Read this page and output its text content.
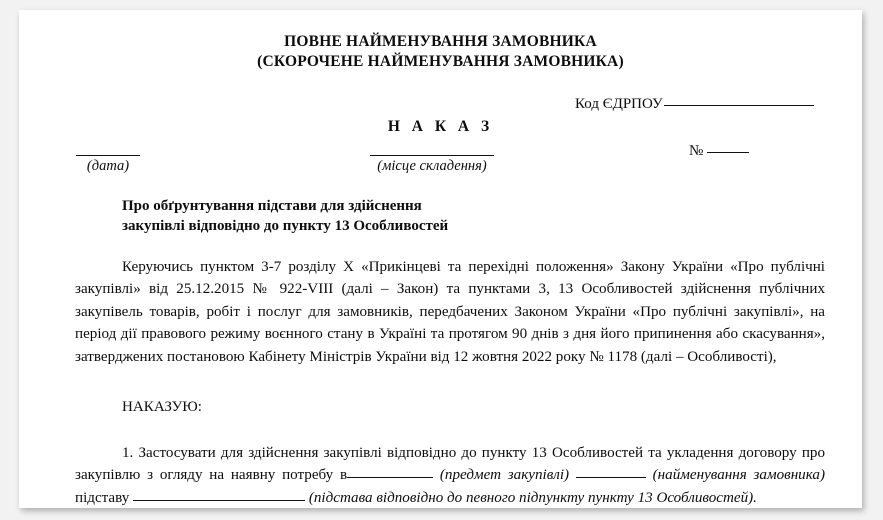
ПОВНЕ НАЙМЕНУВАННЯ ЗАМОВНИКА
(СКОРОЧЕНЕ НАЙМЕНУВАННЯ ЗАМОВНИКА)
Код ЄДРПОУ
Н А К А З
(дата)	(місце складення)
№
Про обґрунтування підстави для здійснення
закупівлі відповідно до пункту 13 Особливостей

Керуючись пунктом 3-7 розділу X «Прикінцеві та перехідні положення» Закону України «Про публічні закупівлі» від 25.12.2015 № 922-VIII (далі – Закон) та пунктами 3, 13 Особливостей здійснення публічних закупівель товарів, робіт і послуг для замовників, передбачених Законом України «Про публічні закупівлі», на період дії правового режиму воєнного стану в Україні та протягом 90 днів з дня його припинення або скасування», затверджених постановою Кабінету Міністрів України від 12 жовтня 2022 року № 1178 (далі – Особливості),

НАКАЗУЮ:

1. Застосувати для здійснення закупівлі відповідно до пункту 13 Особливостей та укладення договору про закупівлю з огляду на наявну потребу в	(предмет закупівлі)	(найменування замовника) підставу	(підстава відповідно до певного підпункту пункту 13 Особливостей).
